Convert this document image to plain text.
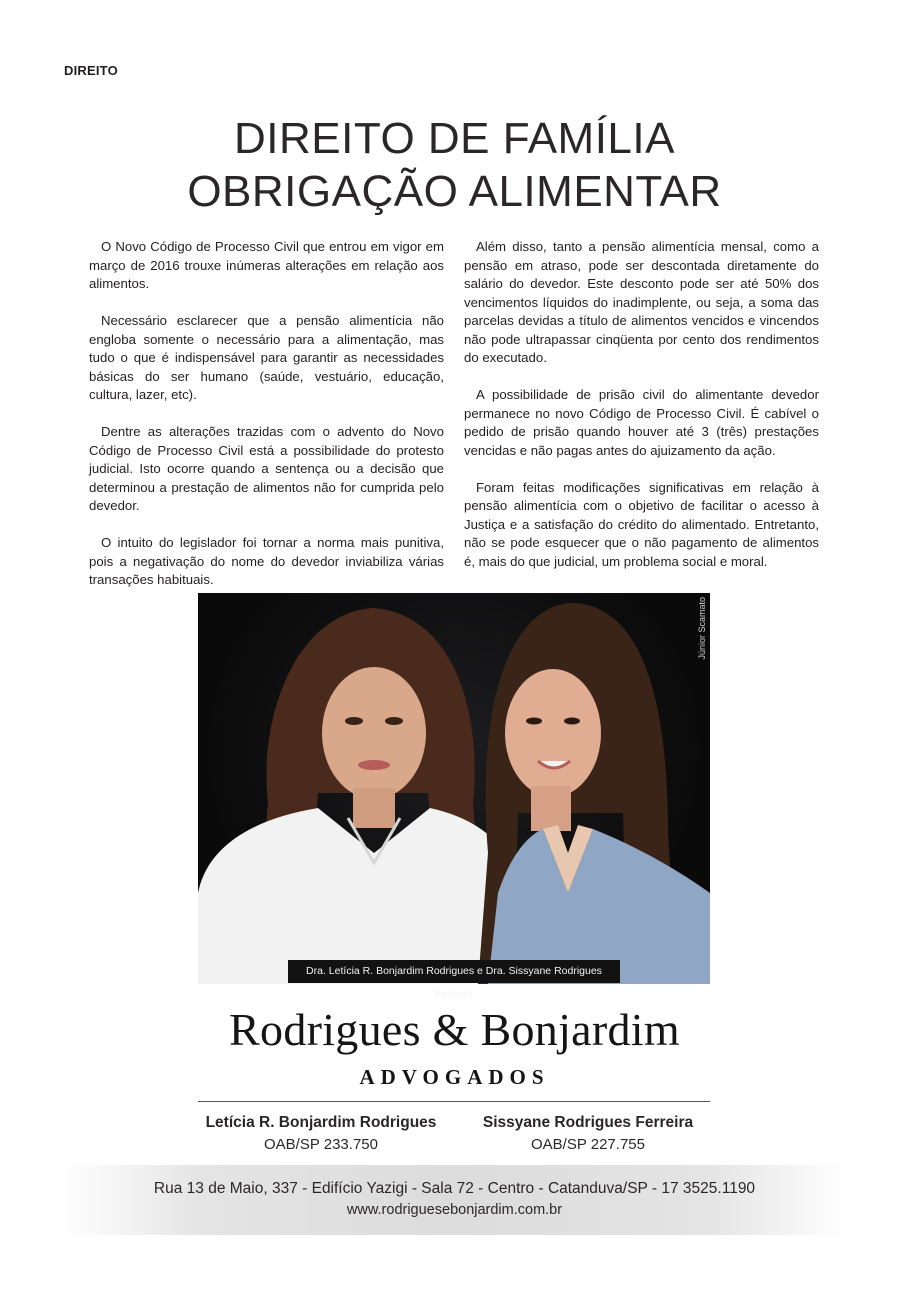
DIREITO
DIREITO DE FAMÍLIA
OBRIGAÇÃO ALIMENTAR

O Novo Código de Processo Civil que entrou em vigor em março de 2016 trouxe inúmeras alterações em relação aos alimentos.

Necessário esclarecer que a pensão alimentícia não engloba somente o necessário para a alimentação, mas tudo o que é indispensável para garantir as necessidades básicas do ser humano (saúde, vestuário, educação, cultura, lazer, etc).

Dentre as alterações trazidas com o advento do Novo Código de Processo Civil está a possibilidade do protesto judicial. Isto ocorre quando a sentença ou a decisão que determinou a prestação de alimentos não for cumprida pelo devedor.

O intuito do legislador foi tornar a norma mais punitiva, pois a negativação do nome do devedor inviabiliza várias transações habituais.

Além disso, tanto a pensão alimentícia mensal, como a pensão em atraso, pode ser descontada diretamente do salário do devedor. Este desconto pode ser até 50% dos vencimentos líquidos do inadimplente, ou seja, a soma das parcelas devidas a título de alimentos vencidos e vincendos não pode ultrapassar cinqüenta por cento dos rendimentos do executado.

A possibilidade de prisão civil do alimentante devedor permanece no novo Código de Processo Civil. É cabível o pedido de prisão quando houver até 3 (três) prestações vencidas e não pagas antes do ajuizamento da ação.

Foram feitas modificações significativas em relação à pensão alimentícia com o objetivo de facilitar o acesso à Justiça e a satisfação do crédito do alimentado. Entretanto, não se pode esquecer que o não pagamento de alimentos é, mais do que judicial, um problema social e moral.

Júnior Scamato
Dra. Letícia R. Bonjardim Rodrigues e Dra. Sissyane Rodrigues Ferreira
Rodrigues & Bonjardim
ADVOGADOS
Letícia R. Bonjardim Rodrigues
OAB/SP 233.750
Sissyane Rodrigues Ferreira
OAB/SP 227.755
Rua 13 de Maio, 337 - Edifício Yazigi - Sala 72 - Centro - Catanduva/SP - 17 3525.1190
www.rodriguesebonjardim.com.br
